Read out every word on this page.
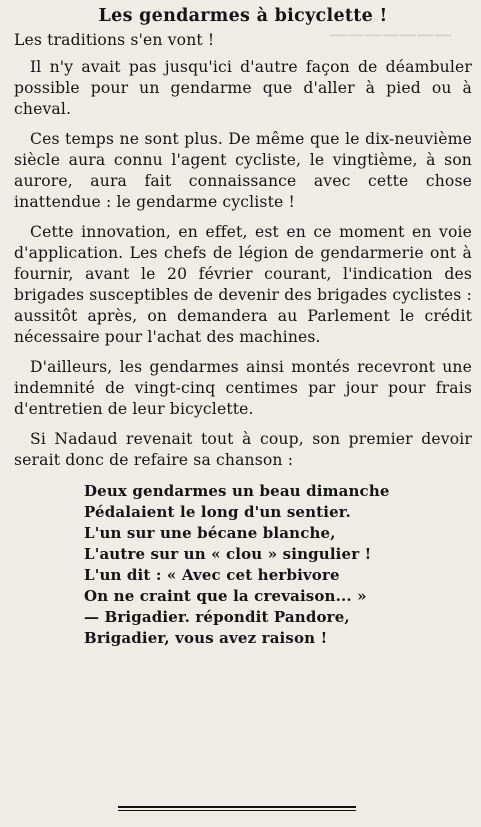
───────
Les gendarmes à bicyclette !
Les traditions s'en vont !

Il n'y avait pas jusqu'ici d'autre façon de déambuler possible pour un gendarme que d'aller à pied ou à cheval.

Ces temps ne sont plus. De même que le dix-neuvième siècle aura connu l'agent cycliste, le vingtième, à son aurore, aura fait connaissance avec cette chose inattendue : le gendarme cycliste !

Cette innovation, en effet, est en ce moment en voie d'application. Les chefs de légion de gendarmerie ont à fournir, avant le 20 février courant, l'indication des brigades susceptibles de devenir des brigades cyclistes : aussitôt après, on demandera au Parlement le crédit nécessaire pour l'achat des machines.

D'ailleurs, les gendarmes ainsi montés recevront une indemnité de vingt-cinq centimes par jour pour frais d'entretien de leur bicyclette.

Si Nadaud revenait tout à coup, son premier devoir serait donc de refaire sa chanson :

Deux gendarmes un beau dimanche
Pédalaient le long d'un sentier.
L'un sur une bécane blanche,
L'autre sur un « clou » singulier !
L'un dit : « Avec cet herbivore
On ne craint que la crevaison... »
— Brigadier. répondit Pandore,
Brigadier, vous avez raison !
